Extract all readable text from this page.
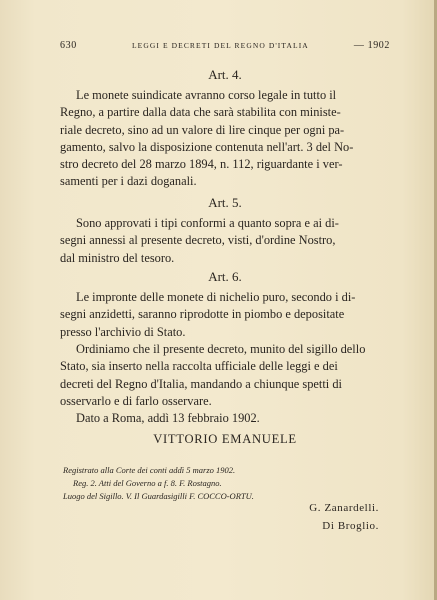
630	LEGGI E DECRETI DEL REGNO D'ITALIA	— 1902
Art. 4.
Le monete suindicate avranno corso legale in tutto il
Regno, a partire dalla data che sarà stabilita con ministe-
riale decreto, sino ad un valore di lire cinque per ogni pa-
gamento, salvo la disposizione contenuta nell'art. 3 del No-
stro decreto del 28 marzo 1894, n. 112, riguardante i ver-
samenti per i dazi doganali.
Art. 5.
Sono approvati i tipi conformi a quanto sopra e ai di-
segni annessi al presente decreto, visti, d'ordine Nostro,
dal ministro del tesoro.
Art. 6.
Le impronte delle monete di nichelio puro, secondo i di-
segni anzidetti, saranno riprodotte in piombo e depositate
presso l'archivio di Stato.
Ordiniamo che il presente decreto, munito del sigillo dello
Stato, sia inserto nella raccolta ufficiale delle leggi e dei
decreti del Regno d'Italia, mandando a chiunque spetti di
osservarlo e di farlo osservare.
Dato a Roma, addì 13 febbraio 1902.
VITTORIO EMANUELE
Registrato alla Corte dei conti addì 5 marzo 1902.
Reg. 2. Atti del Governo a f. 8. F. Rostagno.
Luogo del Sigillo. V. Il Guardasigilli F. COCCO-ORTU.
G. Zanardelli.
Di Broglio.
